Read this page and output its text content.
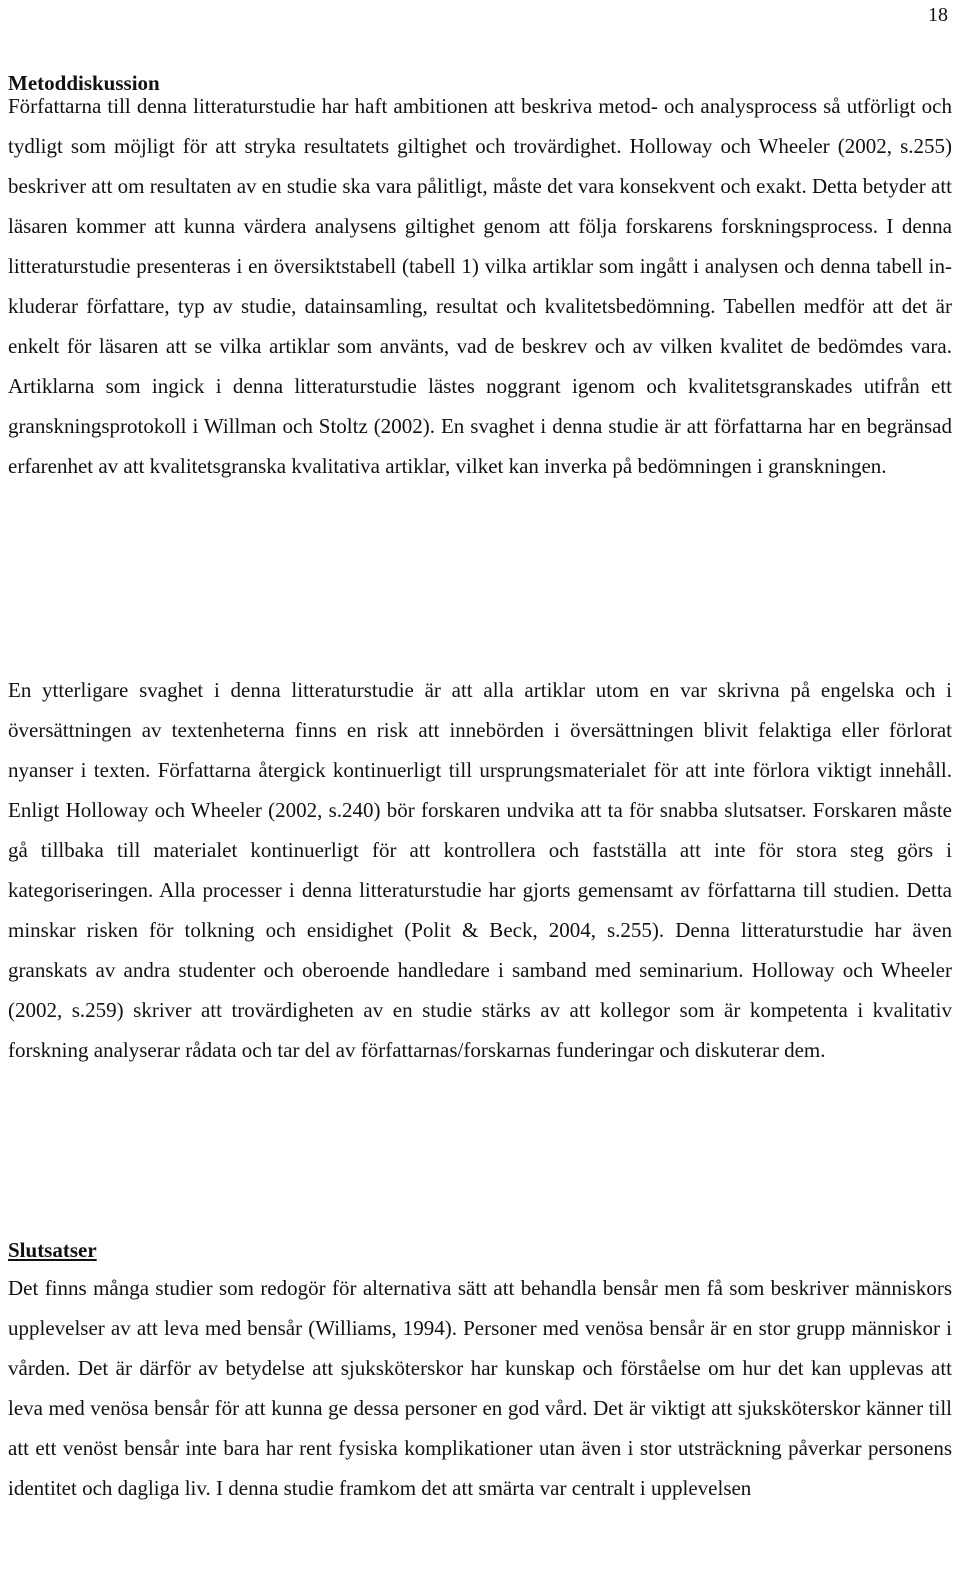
18
Metoddiskussion

Författarna till denna litteraturstudie har haft ambitionen att beskriva metod- och analysprocess så utförligt och tydligt som möjligt för att stryka resultatets giltighet och trovärdighet. Holloway och Wheeler (2002, s.255) beskriver att om resultaten av en studie ska vara pålitligt, måste det vara konsekvent och exakt. Detta betyder att läsaren kommer att kunna värdera analysens giltighet genom att följa forskarens forskningsprocess. I denna litteraturstudie presenteras i en översiktstabell (tabell 1) vilka artiklar som ingått i analysen och denna tabell inkluderar författare, typ av studie, datainsamling, resultat och kvalitetsbedömning. Tabellen medför att det är enkelt för läsaren att se vilka artiklar som använts, vad de beskrev och av vilken kvalitet de bedömdes vara. Artiklarna som ingick i denna litteraturstudie lästes noggrant igenom och kvalitetsgranskades utifrån ett granskningsprotokoll i Willman och Stoltz (2002). En svaghet i denna studie är att författarna har en begränsad erfarenhet av att kvalitetsgranska kvalitativa artiklar, vilket kan inverka på bedömningen i granskningen.

En ytterligare svaghet i denna litteraturstudie är att alla artiklar utom en var skrivna på engelska och i översättningen av textenheterna finns en risk att innebörden i översättningen blivit felaktiga eller förlorat nyanser i texten. Författarna återgick kontinuerligt till ursprungsmaterialet för att inte förlora viktigt innehåll. Enligt Holloway och Wheeler (2002, s.240) bör forskaren undvika att ta för snabba slutsatser. Forskaren måste gå tillbaka till materialet kontinuerligt för att kontrollera och fastställa att inte för stora steg görs i kategoriseringen. Alla processer i denna litteraturstudie har gjorts gemensamt av författarna till studien. Detta minskar risken för tolkning och ensidighet (Polit & Beck, 2004, s.255). Denna litteraturstudie har även granskats av andra studenter och oberoende handledare i samband med seminarium. Holloway och Wheeler (2002, s.259) skriver att trovärdigheten av en studie stärks av att kollegor som är kompetenta i kvalitativ forskning analyserar rådata och tar del av författarnas/forskarnas funderingar och diskuterar dem.

Slutsatser

Det finns många studier som redogör för alternativa sätt att behandla bensår men få som beskriver människors upplevelser av att leva med bensår (Williams, 1994). Personer med venösa bensår är en stor grupp människor i vården. Det är därför av betydelse att sjuksköterskor har kunskap och förståelse om hur det kan upplevas att leva med venösa bensår för att kunna ge dessa personer en god vård. Det är viktigt att sjuksköterskor känner till att ett venöst bensår inte bara har rent fysiska komplikationer utan även i stor utsträckning påverkar personens identitet och dagliga liv. I denna studie framkom det att smärta var centralt i upplevelsen
